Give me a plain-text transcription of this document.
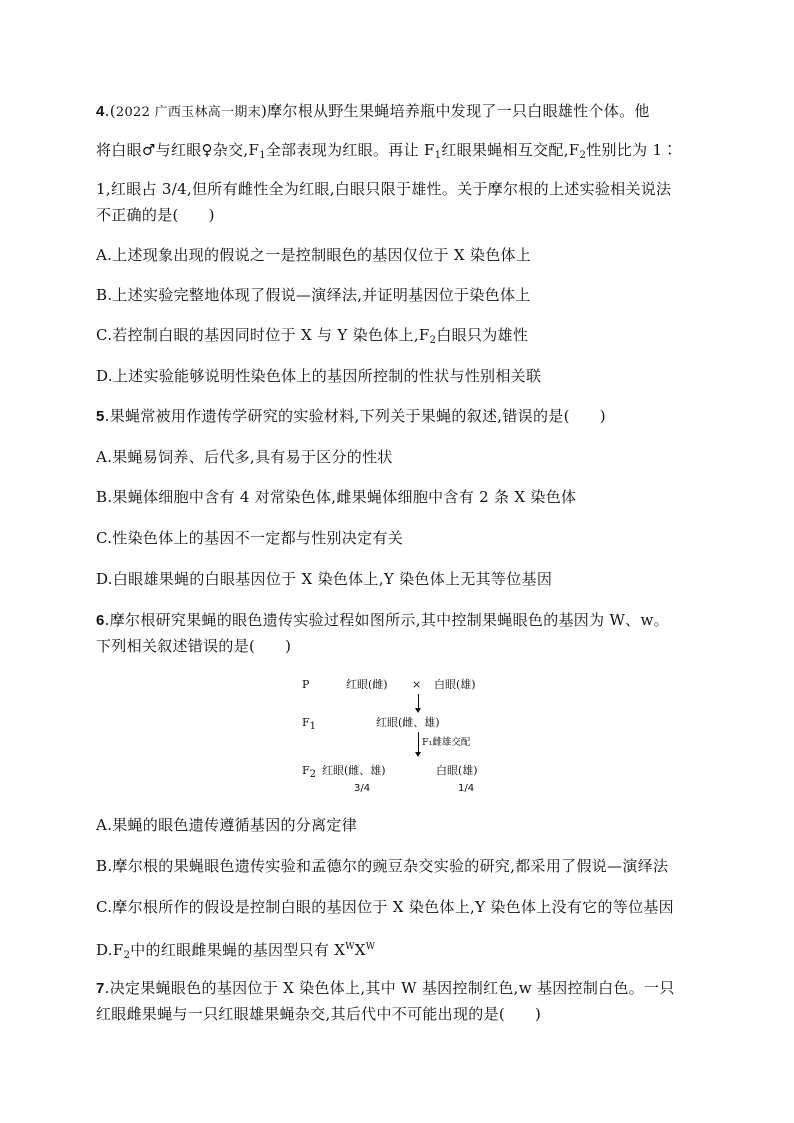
4.(2022 广西玉林高一期末)摩尔根从野生果蝇培养瓶中发现了一只白眼雄性个体。他
将白眼♂与红眼♀杂交$,F_1$全部表现为红眼。再让 $F_1$红眼果蝇相互交配$,F_2$性别比为 1∶
1,红眼占 3/4,但所有雌性全为红眼,白眼只限于雄性。关于摩尔根的上述实验相关说法
不正确的是( )
A.上述现象出现的假说之一是控制眼色的基因仅位于 X 染色体上
B.上述实验完整地体现了假说—演绎法,并证明基因位于染色体上
C.若控制白眼的基因同时位于 X 与 Y 染色体上$,F_2$白眼只为雄性
D.上述实验能够说明性染色体上的基因所控制的性状与性别相关联
5.果蝇常被用作遗传学研究的实验材料,下列关于果蝇的叙述,错误的是( )
A.果蝇易饲养、后代多,具有易于区分的性状
B.果蝇体细胞中含有 4 对常染色体,雌果蝇体细胞中含有 2 条 X 染色体
C.性染色体上的基因不一定都与性别决定有关
D.白眼雄果蝇的白眼基因位于 X 染色体上,Y 染色体上无其等位基因
6.摩尔根研究果蝇的眼色遗传实验过程如图所示,其中控制果蝇眼色的基因为 W、w。
下列相关叙述错误的是( )
P	红眼(雌) × 白眼(雄)
F1	红眼(雌、雄)
F₁雌雄交配
F2 红眼(雌、雄)	白眼(雄)
3/4	1/4
A.果蝇的眼色遗传遵循基因的分离定律
B.摩尔根的果蝇眼色遗传实验和孟德尔的豌豆杂交实验的研究,都采用了假说—演绎法
C.摩尔根所作的假设是控制白眼的基因位于 X 染色体上,Y 染色体上没有它的等位基因
$D.F_2$中的红眼雌果蝇的基因型只有 $X^WX^W$
7.决定果蝇眼色的基因位于 X 染色体上,其中 W 基因控制红色,w 基因控制白色。一只
红眼雌果蝇与一只红眼雄果蝇杂交,其后代中不可能出现的是( )
